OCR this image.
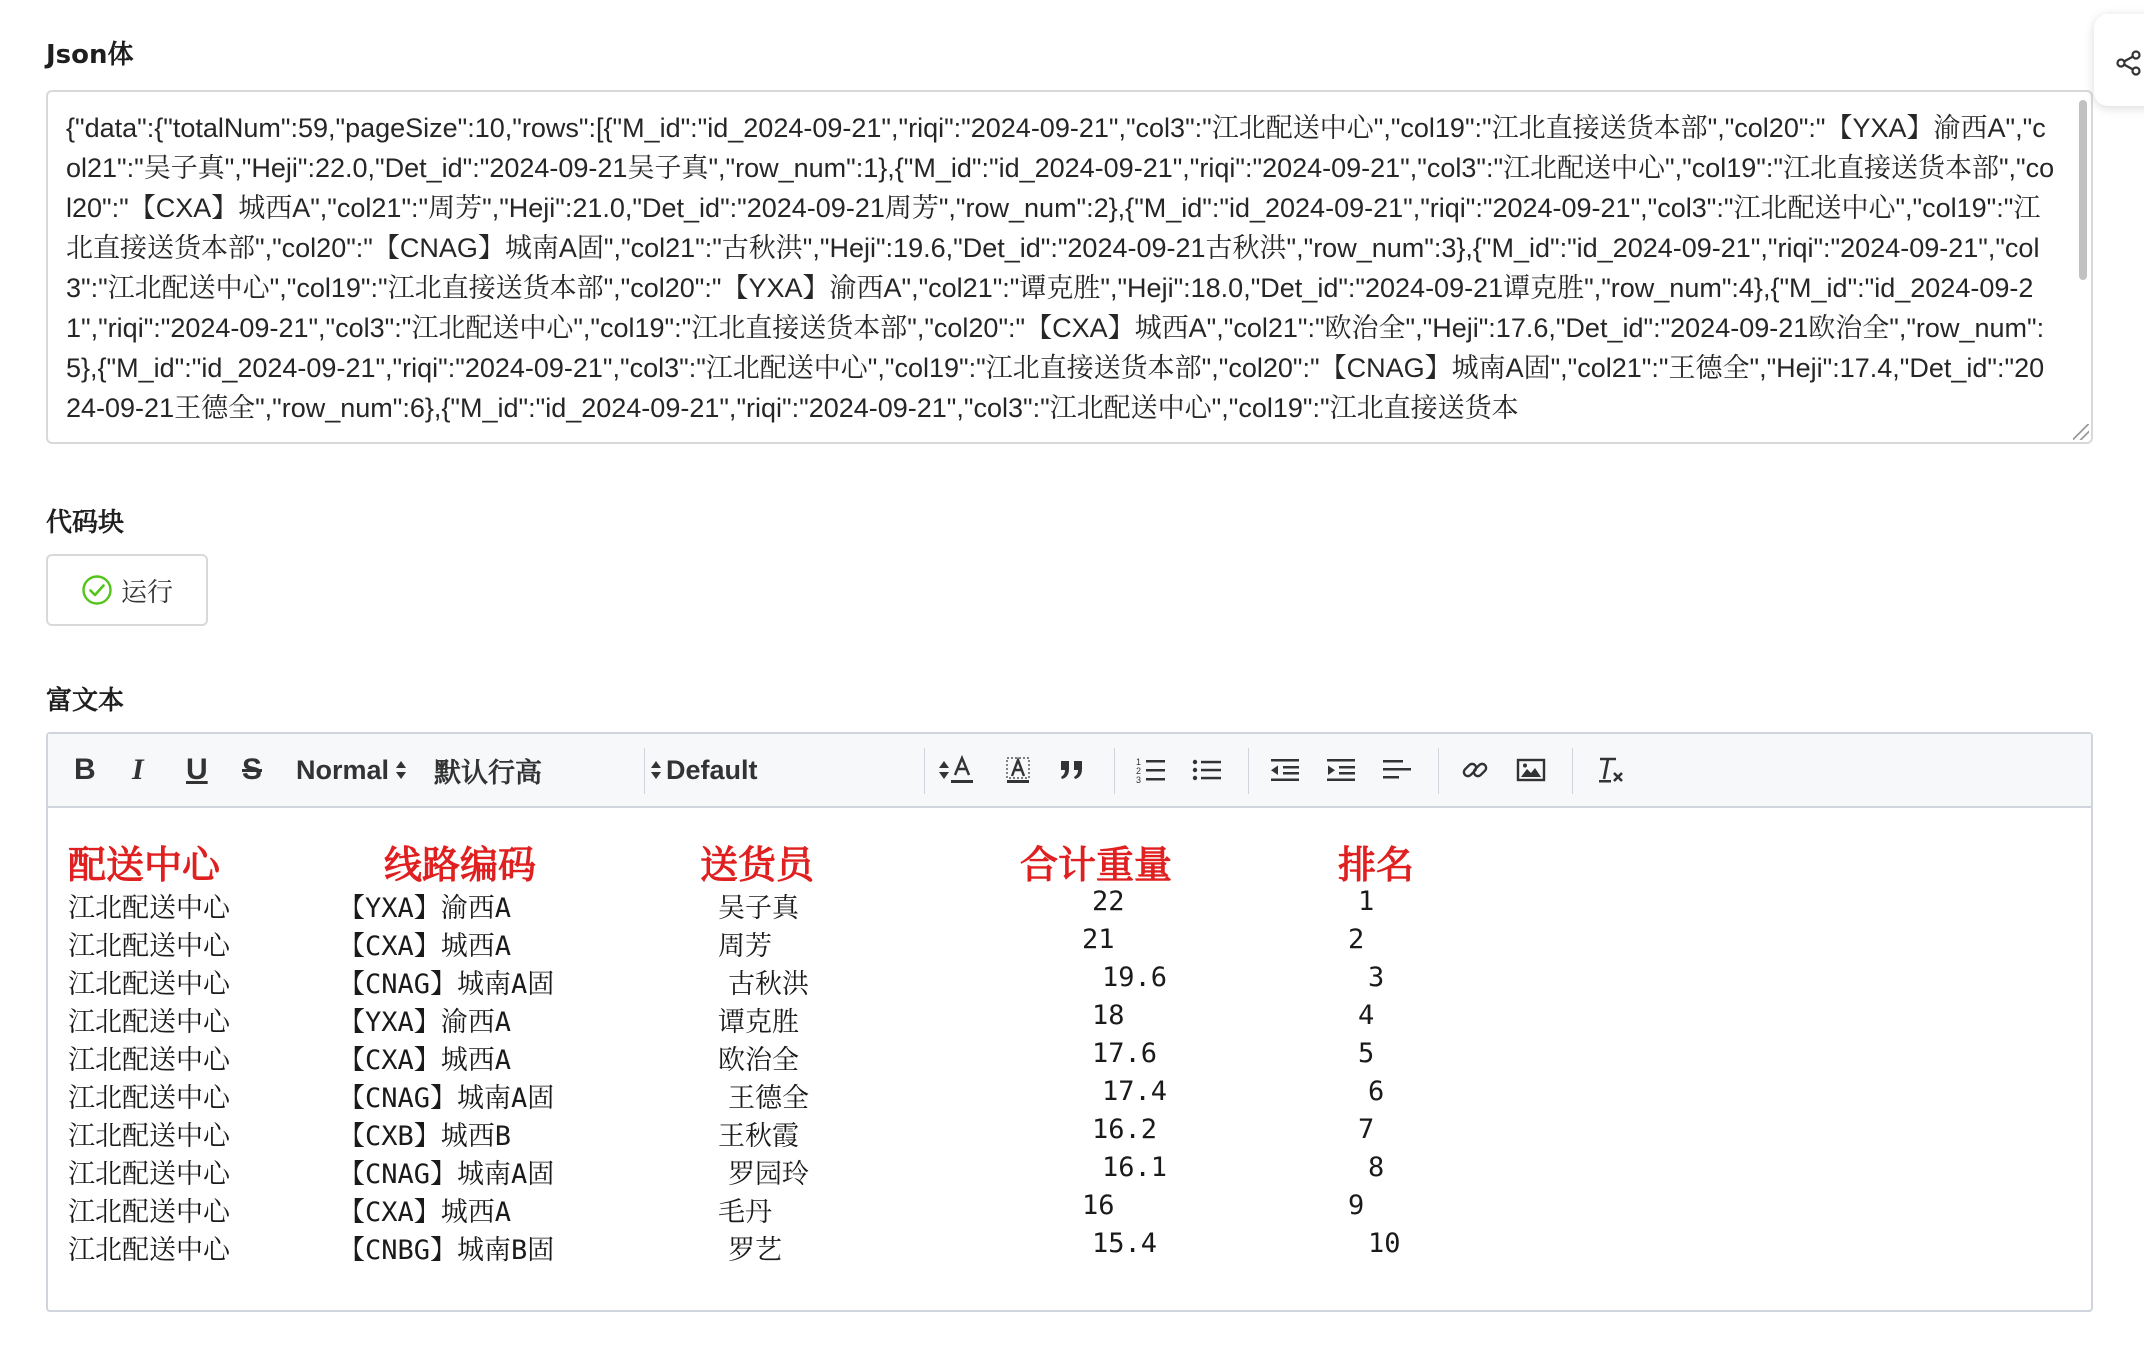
Json体
{"data":{"totalNum":59,"pageSize":10,"rows":[{"M_id":"id_2024-09-21","riqi":"2024-09-21","col3":"江北配送中心","col19":"江北直接送货本部","col20":"【YXA】渝西A","col21":"吴子真","Heji":22.0,"Det_id":"2024-09-21吴子真","row_num":1},{"M_id":"id_2024-09-21","riqi":"2024-09-21","col3":"江北配送中心","col19":"江北直接送货本部","col20":"【CXA】城西A","col21":"周芳","Heji":21.0,"Det_id":"2024-09-21周芳","row_num":2},{"M_id":"id_2024-09-21","riqi":"2024-09-21","col3":"江北配送中心","col19":"江北直接送货本部","col20":"【CNAG】城南A固","col21":"古秋洪","Heji":19.6,"Det_id":"2024-09-21古秋洪","row_num":3},{"M_id":"id_2024-09-21","riqi":"2024-09-21","col3":"江北配送中心","col19":"江北直接送货本部","col20":"【YXA】渝西A","col21":"谭克胜","Heji":18.0,"Det_id":"2024-09-21谭克胜","row_num":4},{"M_id":"id_2024-09-21","riqi":"2024-09-21","col3":"江北配送中心","col19":"江北直接送货本部","col20":"【CXA】城西A","col21":"欧治全","Heji":17.6,"Det_id":"2024-09-21欧治全","row_num":5},{"M_id":"id_2024-09-21","riqi":"2024-09-21","col3":"江北配送中心","col19":"江北直接送货本部","col20":"【CNAG】城南A固","col21":"王德全","Heji":17.4,"Det_id":"2024-09-21王德全","row_num":6},{"M_id":"id_2024-09-21","riqi":"2024-09-21","col3":"江北配送中心","col19":"江北直接送货本
代码块
运行
富文本
B I U S Normal 默认行高	Default	1
2
3
配送中心	线路编码	送货员	合计重量	排名
江北配送中心	【YXA】渝西A	吴子真	22	1
江北配送中心	【CXA】城西A	周芳	21	2
江北配送中心	【CNAG】城南A固	古秋洪	19.6	3
江北配送中心	【YXA】渝西A	谭克胜	18	4
江北配送中心	【CXA】城西A	欧治全	17.6	5
江北配送中心	【CNAG】城南A固	王德全	17.4	6
江北配送中心	【CXB】城西B	王秋霞	16.2	7
江北配送中心	【CNAG】城南A固	罗园玲	16.1	8
江北配送中心	【CXA】城西A	毛丹	16	9
江北配送中心	【CNBG】城南B固	罗艺	15.4	10
